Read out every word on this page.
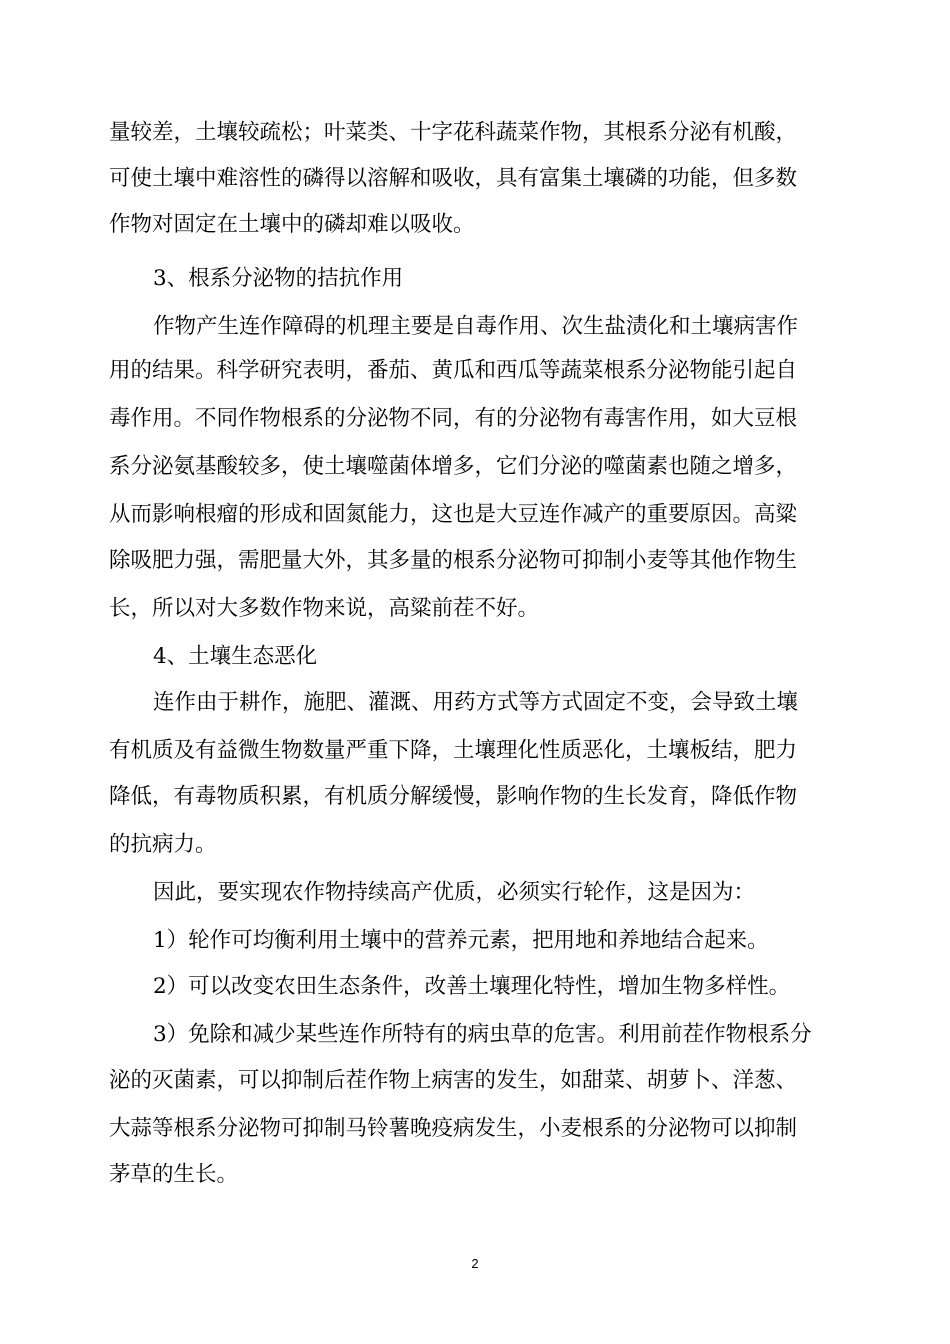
量较差，土壤较疏松；叶菜类、十字花科蔬菜作物，其根系分泌有机酸，
可使土壤中难溶性的磷得以溶解和吸收，具有富集土壤磷的功能，但多数
作物对固定在土壤中的磷却难以吸收。
3、根系分泌物的拮抗作用
作物产生连作障碍的机理主要是自毒作用、次生盐渍化和土壤病害作
用的结果。科学研究表明，番茄、黄瓜和西瓜等蔬菜根系分泌物能引起自
毒作用。不同作物根系的分泌物不同，有的分泌物有毒害作用，如大豆根
系分泌氨基酸较多，使土壤噬菌体增多，它们分泌的噬菌素也随之增多，
从而影响根瘤的形成和固氮能力，这也是大豆连作减产的重要原因。高粱
除吸肥力强，需肥量大外，其多量的根系分泌物可抑制小麦等其他作物生
长，所以对大多数作物来说，高粱前茬不好。
4、土壤生态恶化
连作由于耕作，施肥、灌溉、用药方式等方式固定不变，会导致土壤
有机质及有益微生物数量严重下降，土壤理化性质恶化，土壤板结，肥力
降低，有毒物质积累，有机质分解缓慢，影响作物的生长发育，降低作物
的抗病力。
因此，要实现农作物持续高产优质，必须实行轮作，这是因为：
1）轮作可均衡利用土壤中的营养元素，把用地和养地结合起来。
2）可以改变农田生态条件，改善土壤理化特性，增加生物多样性。
3）免除和减少某些连作所特有的病虫草的危害。利用前茬作物根系分
泌的灭菌素，可以抑制后茬作物上病害的发生，如甜菜、胡萝卜、洋葱、
大蒜等根系分泌物可抑制马铃薯晚疫病发生，小麦根系的分泌物可以抑制
茅草的生长。
2
